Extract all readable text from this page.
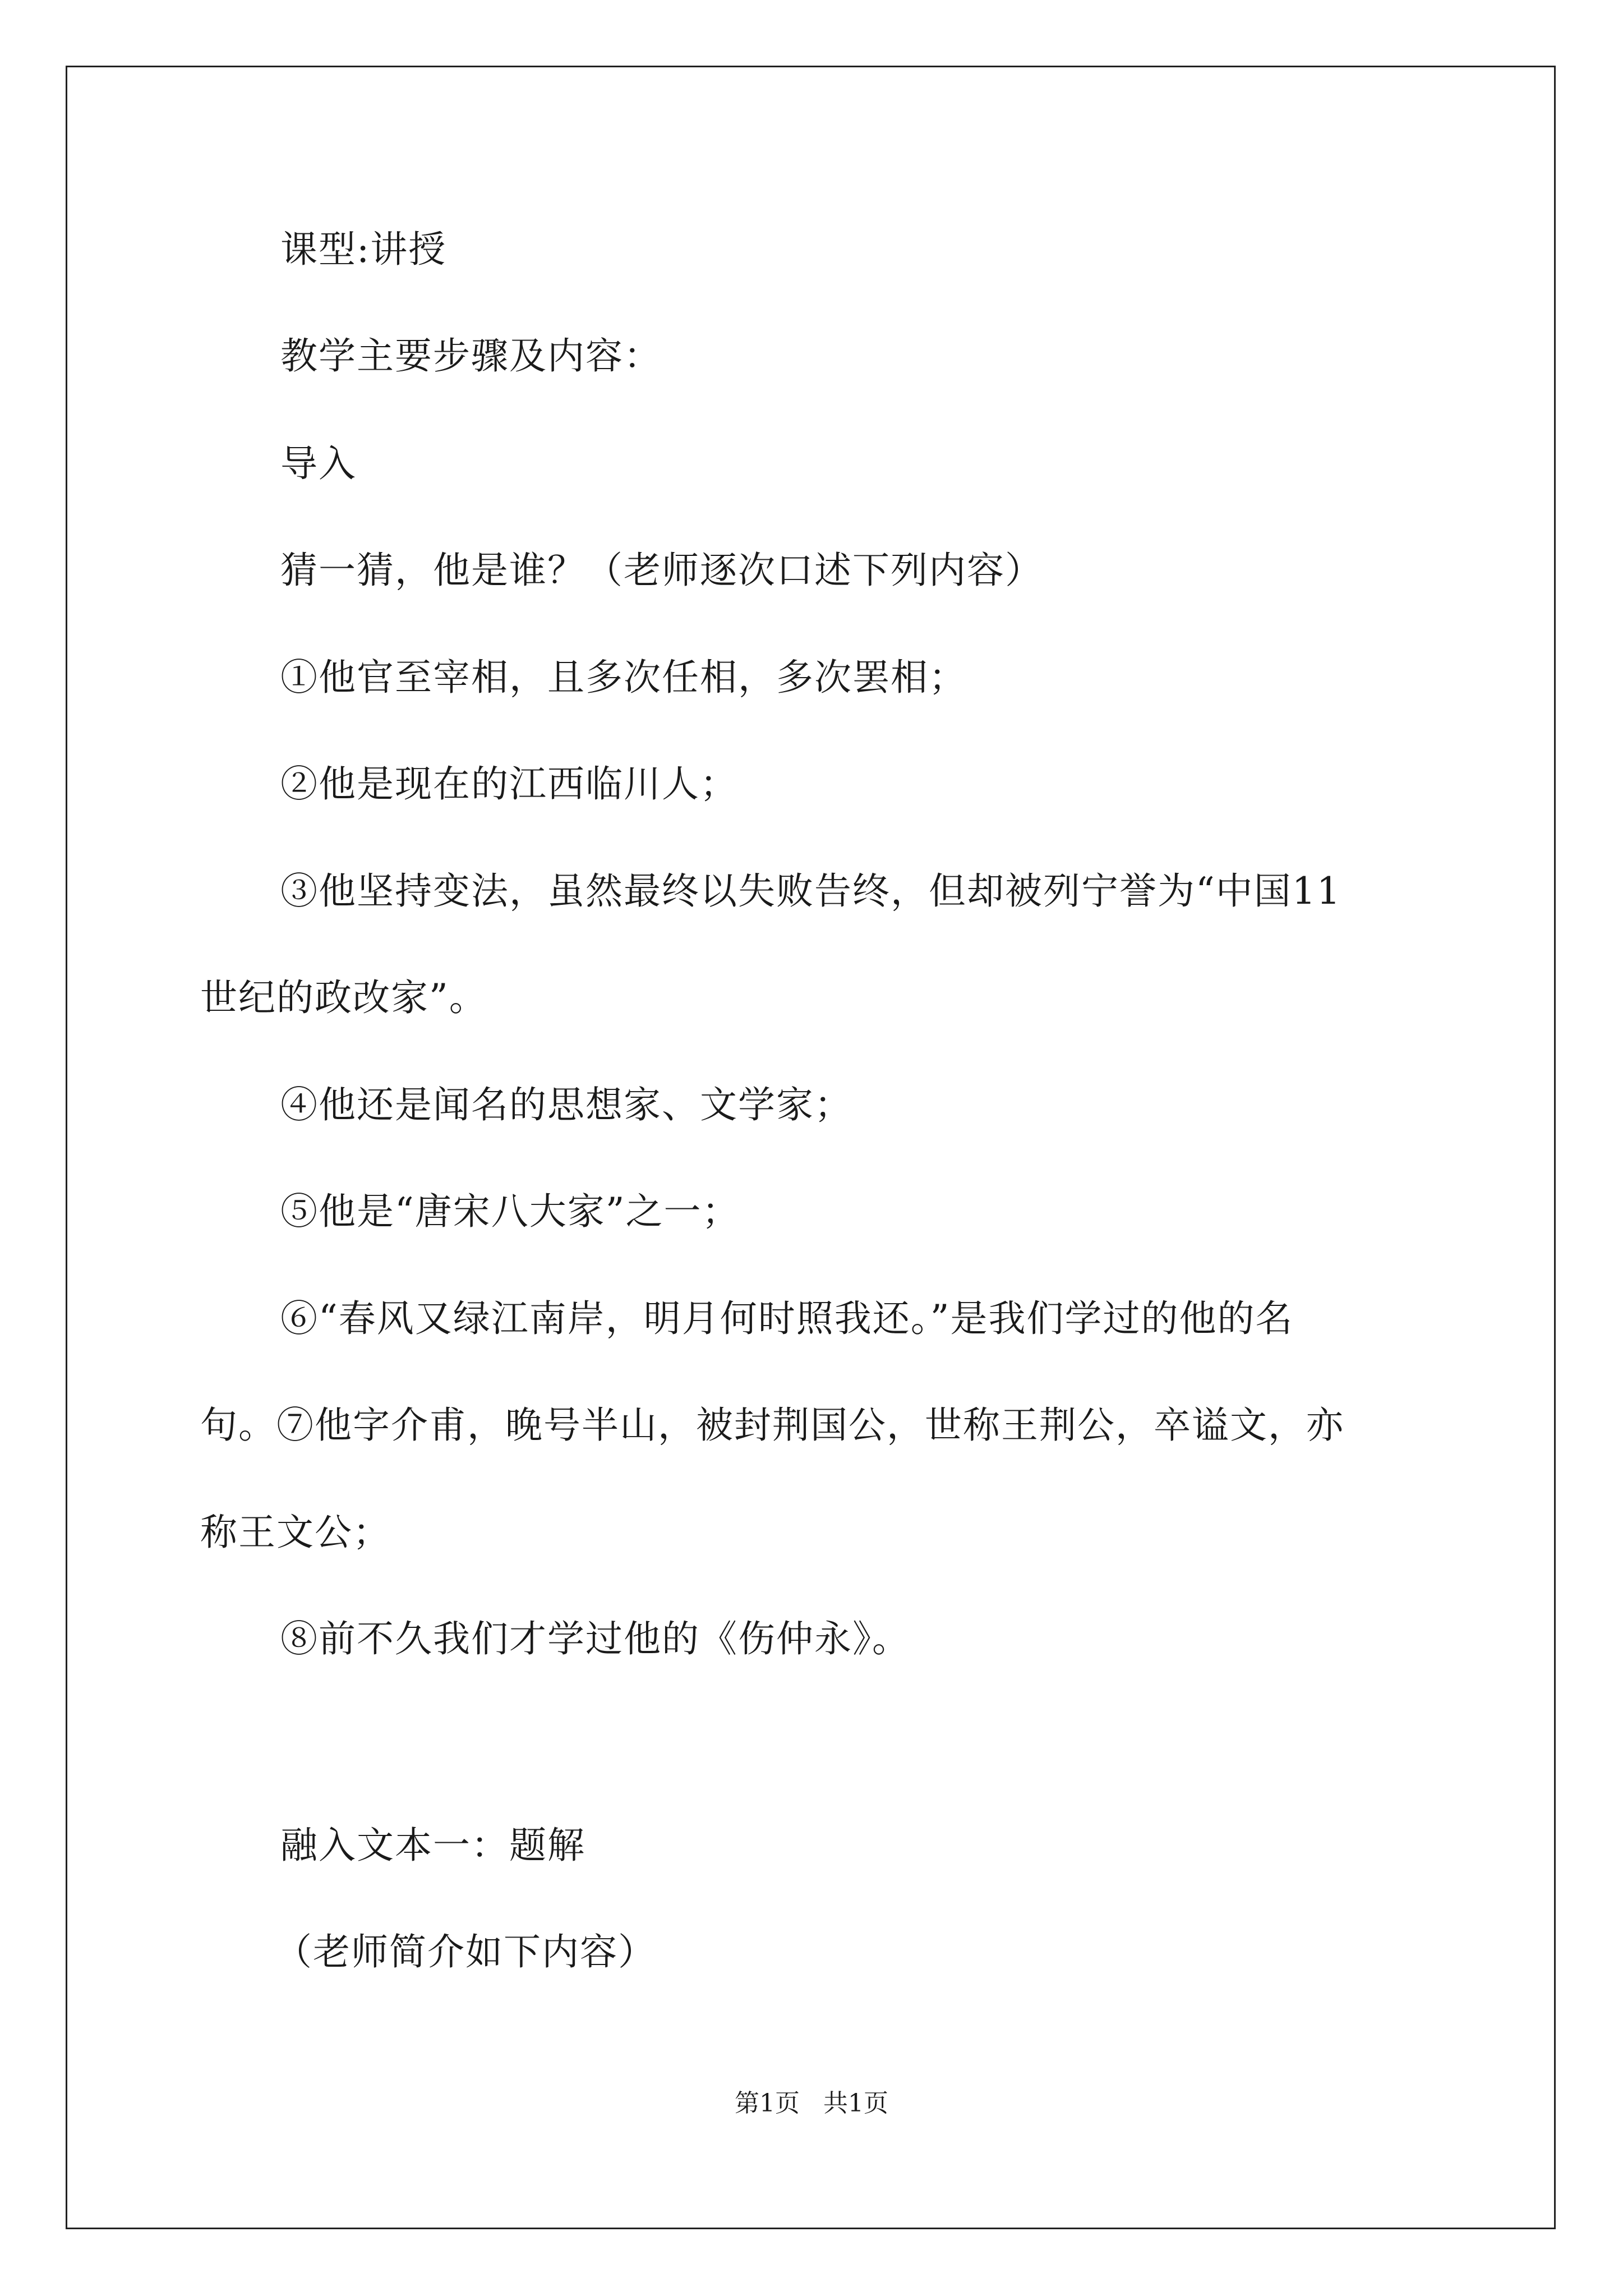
课型:讲授
教学主要步骤及内容：
导入
猜一猜，他是谁？（老师逐次口述下列内容）
①他官至宰相，且多次任相，多次罢相；
②他是现在的江西临川人；
③他坚持变法，虽然最终以失败告终，但却被列宁誉为“中国11
世纪的政改家”。
④他还是闻名的思想家、文学家；
⑤他是“唐宋八大家”之一；
⑥“春风又绿江南岸，明月何时照我还。”是我们学过的他的名
句。⑦他字介甫，晚号半山，被封荆国公，世称王荆公，卒谥文，亦
称王文公；
⑧前不久我们才学过他的《伤仲永》。
融入文本一：题解
（老师简介如下内容）
第1页   共1页
